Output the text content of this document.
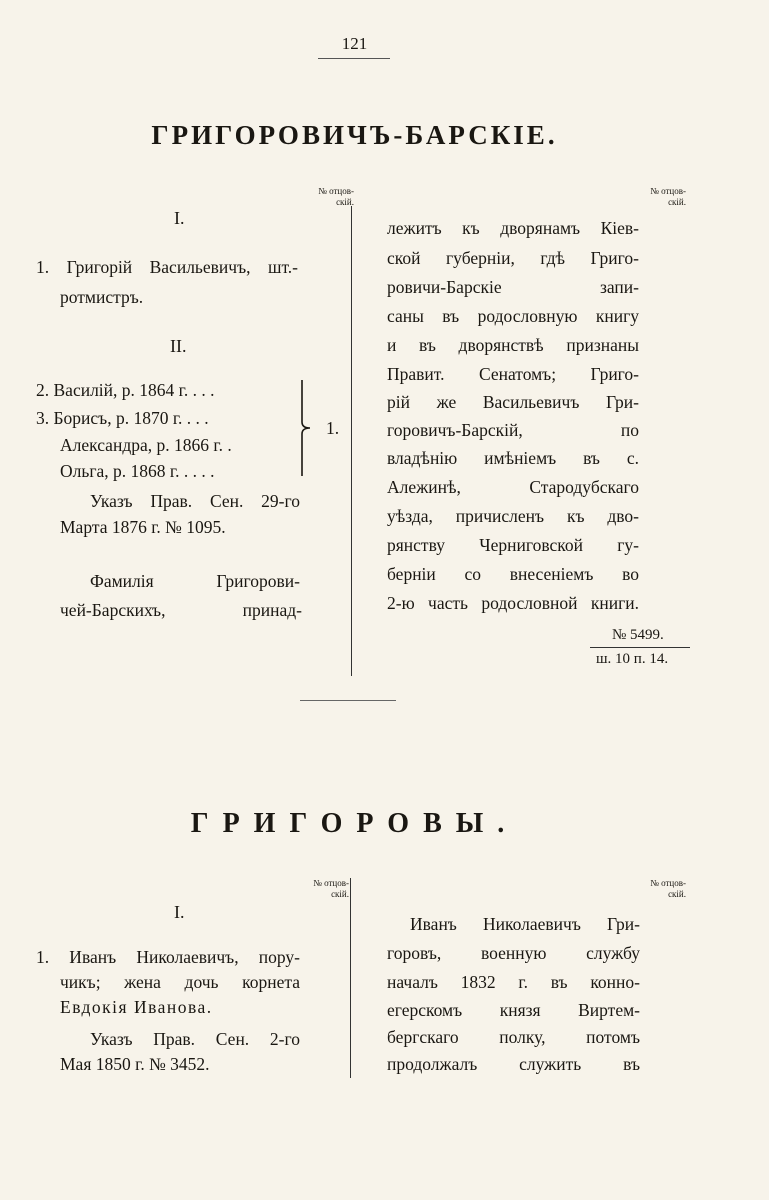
121
ГРИГОРОВИЧЪ-БАРСКІЕ.
№ отцов-
скій.
№ отцов-
скій.
I.
1. Григорій Васильевичъ, шт.-
ротмистръ.
II.
2. Василій, р. 1864 г. . . .
3. Борисъ, р. 1870 г. . . .
Александра, р. 1866 г. .
Ольга, р. 1868 г. . . . .
1.
Указъ Прав. Сен. 29-го
Марта 1876 г. № 1095.
Фамилія Григорови-
чей-Барскихъ, принад-
лежитъ къ дворянамъ Кіев-
ской губерніи, гдѣ Григо-
ровичи-Барскіе запи-
саны въ родословную книгу
и въ дворянствѣ признаны
Правит. Сенатомъ; Григо-
рій же Васильевичъ Гри-
горовичъ-Барскій, по
владѣнію имѣніемъ въ с.
Алежинѣ, Стародубскаго
уѣзда, причисленъ къ дво-
рянству Черниговской гу-
берніи со внесеніемъ во
2-ю часть родословной книги.
№ 5499.
ш. 10 п. 14.
ГРИГОРОВЫ.
№ отцов-
скій.
№ отцов-
скій.
I.
1. Иванъ Николаевичъ, пору-
чикъ; жена дочь корнета
Евдокія Иванова.
Указъ Прав. Сен. 2-го
Мая 1850 г. № 3452.
Иванъ Николаевичъ Гри-
горовъ, военную службу
началъ 1832 г. въ конно-
егерскомъ князя Виртем-
бергскаго полку, потомъ
продолжалъ служить въ
